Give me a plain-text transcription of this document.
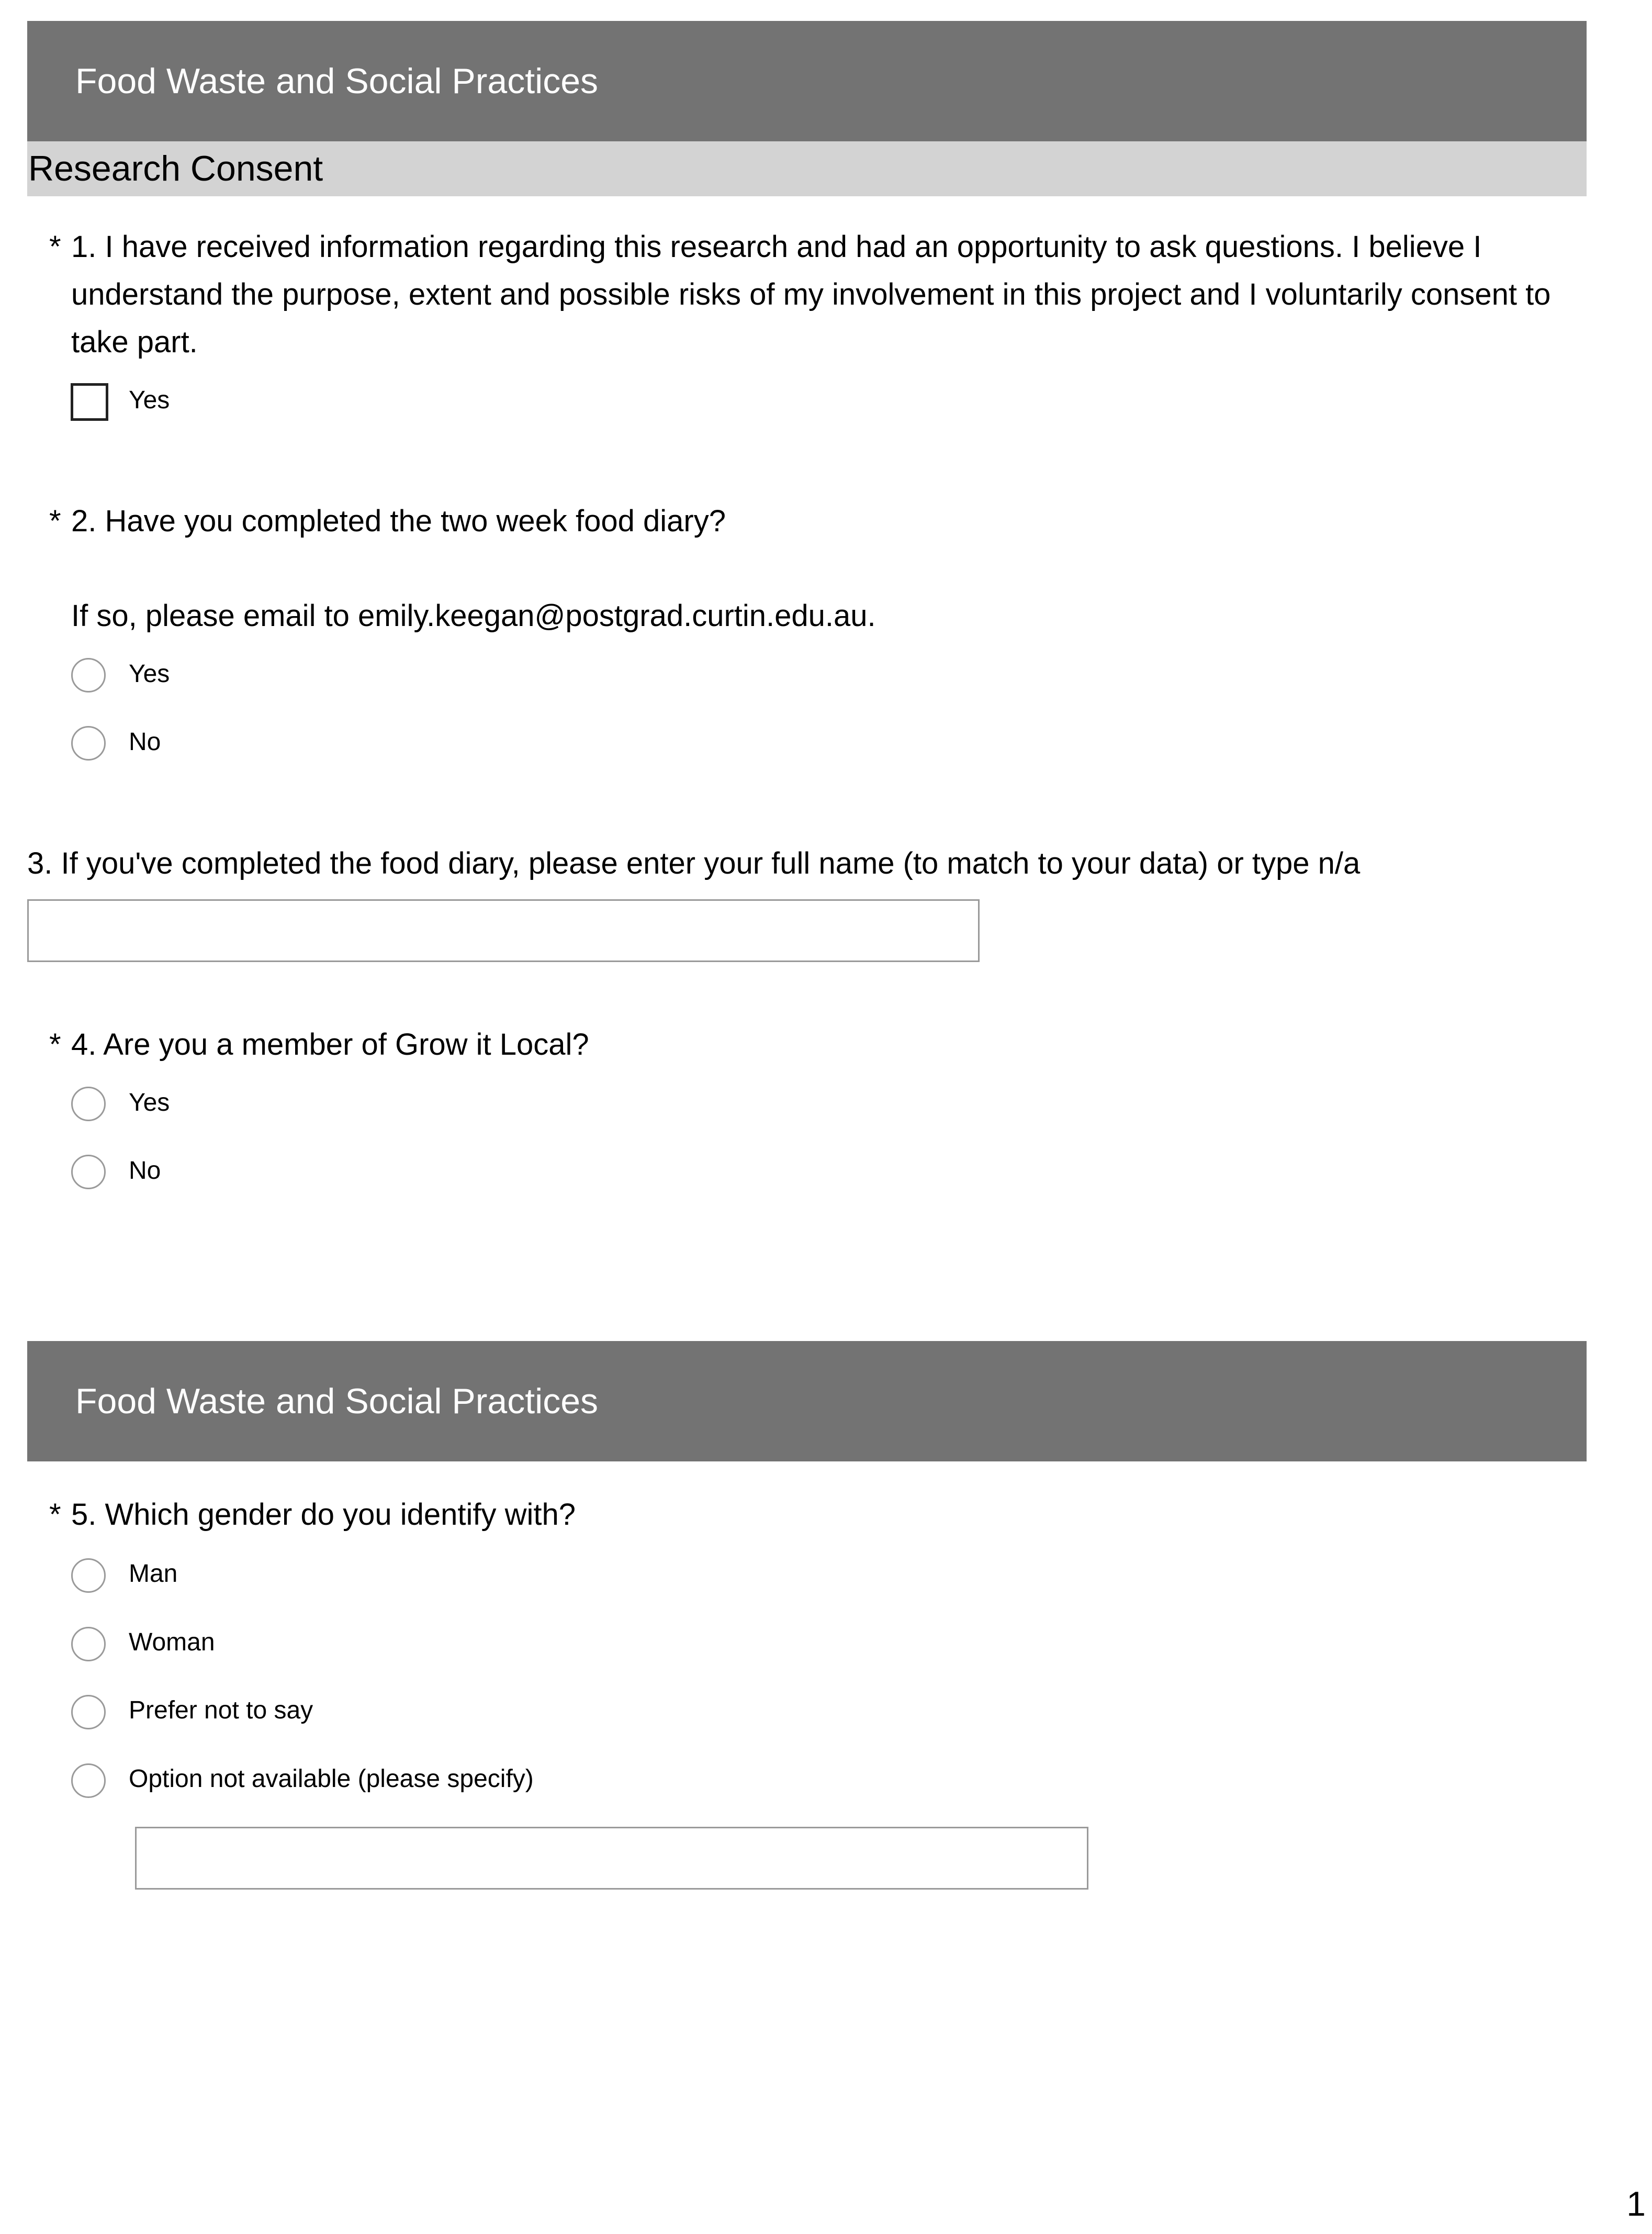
Food Waste and Social Practices
Research Consent
* 1. I have received information regarding this research and had an opportunity to ask questions. I believe I understand the purpose, extent and possible risks of my involvement in this project and I voluntarily consent to take part.
Yes
* 2. Have you completed the two week food diary?
If so, please email to emily.keegan@postgrad.curtin.edu.au.
Yes
No
3. If you've completed the food diary, please enter your full name (to match to your data) or type n/a
* 4. Are you a member of Grow it Local?
Yes
No
Food Waste and Social Practices
* 5. Which gender do you identify with?
Man
Woman
Prefer not to say
Option not available (please specify)
1
